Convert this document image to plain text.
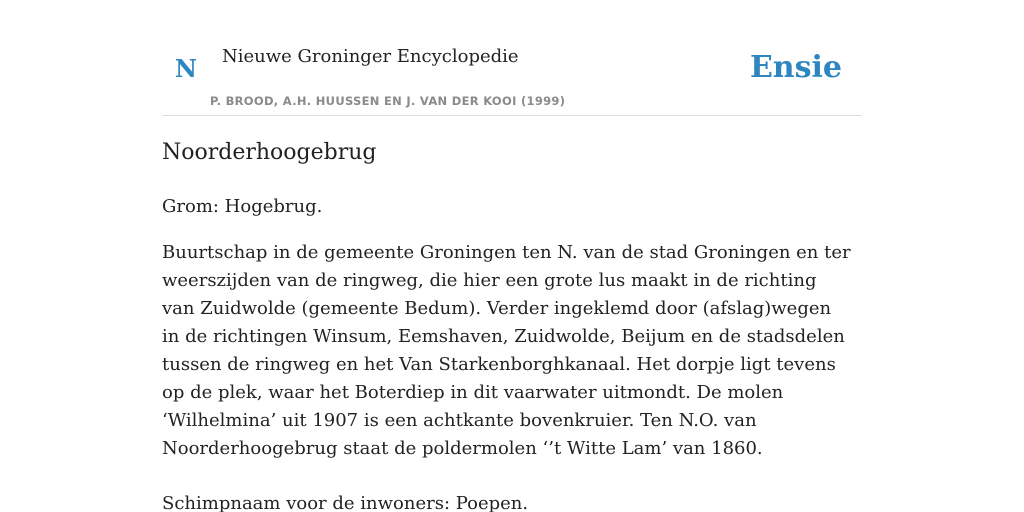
N	Nieuwe Groninger Encyclopedie
P. BROOD, A.H. HUUSSEN EN J. VAN DER KOOI (1999)
Ensie
Noorderhoogebrug

Grom: Hogebrug.

Buurtschap in de gemeente Groningen ten N. van de stad Groningen en ter weerszijden van de ringweg, die hier een grote lus maakt in de richting van Zuidwolde (gemeente Bedum). Verder ingeklemd door (afslag)wegen in de richtingen Winsum, Eemshaven, Zuidwolde, Beijum en de stadsdelen tussen de ringweg en het Van Starkenborghkanaal. Het dorpje ligt tevens op de plek, waar het Boterdiep in dit vaarwater uitmondt. De molen ‘Wilhelmina’ uit 1907 is een achtkante bovenkruier. Ten N.O. van Noorderhoogebrug staat de poldermolen ‘’t Witte Lam’ van 1860.

Schimpnaam voor de inwoners: Poepen.
